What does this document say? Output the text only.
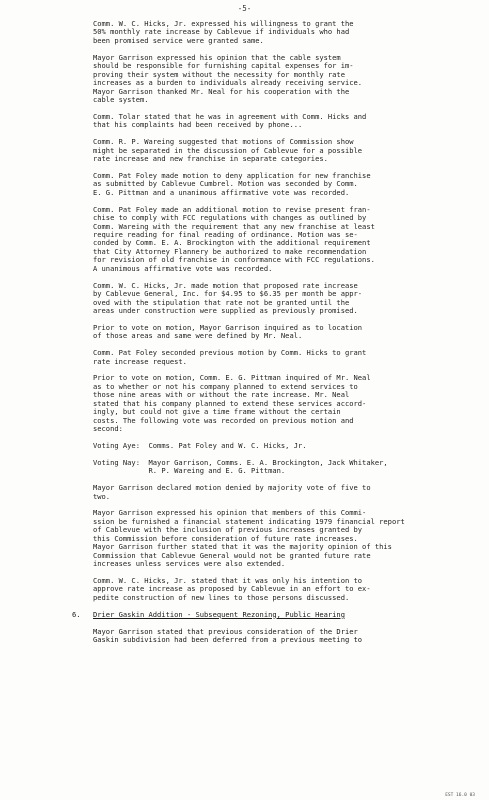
-5-
Comm. W. C. Hicks, Jr. expressed his willingness to grant the
50% monthly rate increase by Cablevue if individuals who had
been promised service were granted same.
Mayor Garrison expressed his opinion that the cable system
should be responsible for furnishing capital expenses for im-
proving their system without the necessity for monthly rate
increases as a burden to individuals already receiving service.
Mayor Garrison thanked Mr. Neal for his cooperation with the
cable system.
Comm. Tolar stated that he was in agreement with Comm. Hicks and
that his complaints had been received by phone...
Comm. R. P. Wareing suggested that motions of Commission show
might be separated in the discussion of Cablevue for a possible
rate increase and new franchise in separate categories.
Comm. Pat Foley made motion to deny application for new franchise
as submitted by Cablevue Cumbrel. Motion was seconded by Comm.
E. G. Pittman and a unanimous affirmative vote was recorded.
Comm. Pat Foley made an additional motion to revise present fran-
chise to comply with FCC regulations with changes as outlined by
Comm. Wareing with the requirement that any new franchise at least
require reading for final reading of ordinance. Motion was se-
conded by Comm. E. A. Brockington with the additional requirement
that City Attorney Flannery be authorized to make recommendation
for revision of old franchise in conformance with FCC regulations.
A unanimous affirmative vote was recorded.
Comm. W. C. Hicks, Jr. made motion that proposed rate increase
by Cablevue General, Inc. for $4.95 to $6.35 per month be appr-
oved with the stipulation that rate not be granted until the
areas under construction were supplied as previously promised.
Prior to vote on motion, Mayor Garrison inquired as to location
of those areas and same were defined by Mr. Neal.
Comm. Pat Foley seconded previous motion by Comm. Hicks to grant
rate increase request.
Prior to vote on motion, Comm. E. G. Pittman inquired of Mr. Neal
as to whether or not his company planned to extend services to
those nine areas with or without the rate increase. Mr. Neal
stated that his company planned to extend these services accord-
ingly, but could not give a time frame without the certain
costs. The following vote was recorded on previous motion and
second:
Voting Aye:  Comms. Pat Foley and W. C. Hicks, Jr.
Voting Nay:  Mayor Garrison, Comms. E. A. Brockington, Jack Whitaker,
R. P. Wareing and E. G. Pittman.
Mayor Garrison declared motion denied by majority vote of five to
two.
Mayor Garrison expressed his opinion that members of this Commi-
ssion be furnished a financial statement indicating 1979 financial report
of Cablevue with the inclusion of previous increases granted by
this Commission before consideration of future rate increases.
Mayor Garrison further stated that it was the majority opinion of this
Commission that Cablevue General would not be granted future rate
increases unless services were also extended.
Comm. W. C. Hicks, Jr. stated that it was only his intention to
approve rate increase as proposed by Cablevue in an effort to ex-
pedite construction of new lines to those persons discussed.
6. Drier Gaskin Addition - Subsequent Rezoning, Public Hearing
Mayor Garrison stated that previous consideration of the Drier
Gaskin subdivision had been deferred from a previous meeting to
EST 16.0 03
